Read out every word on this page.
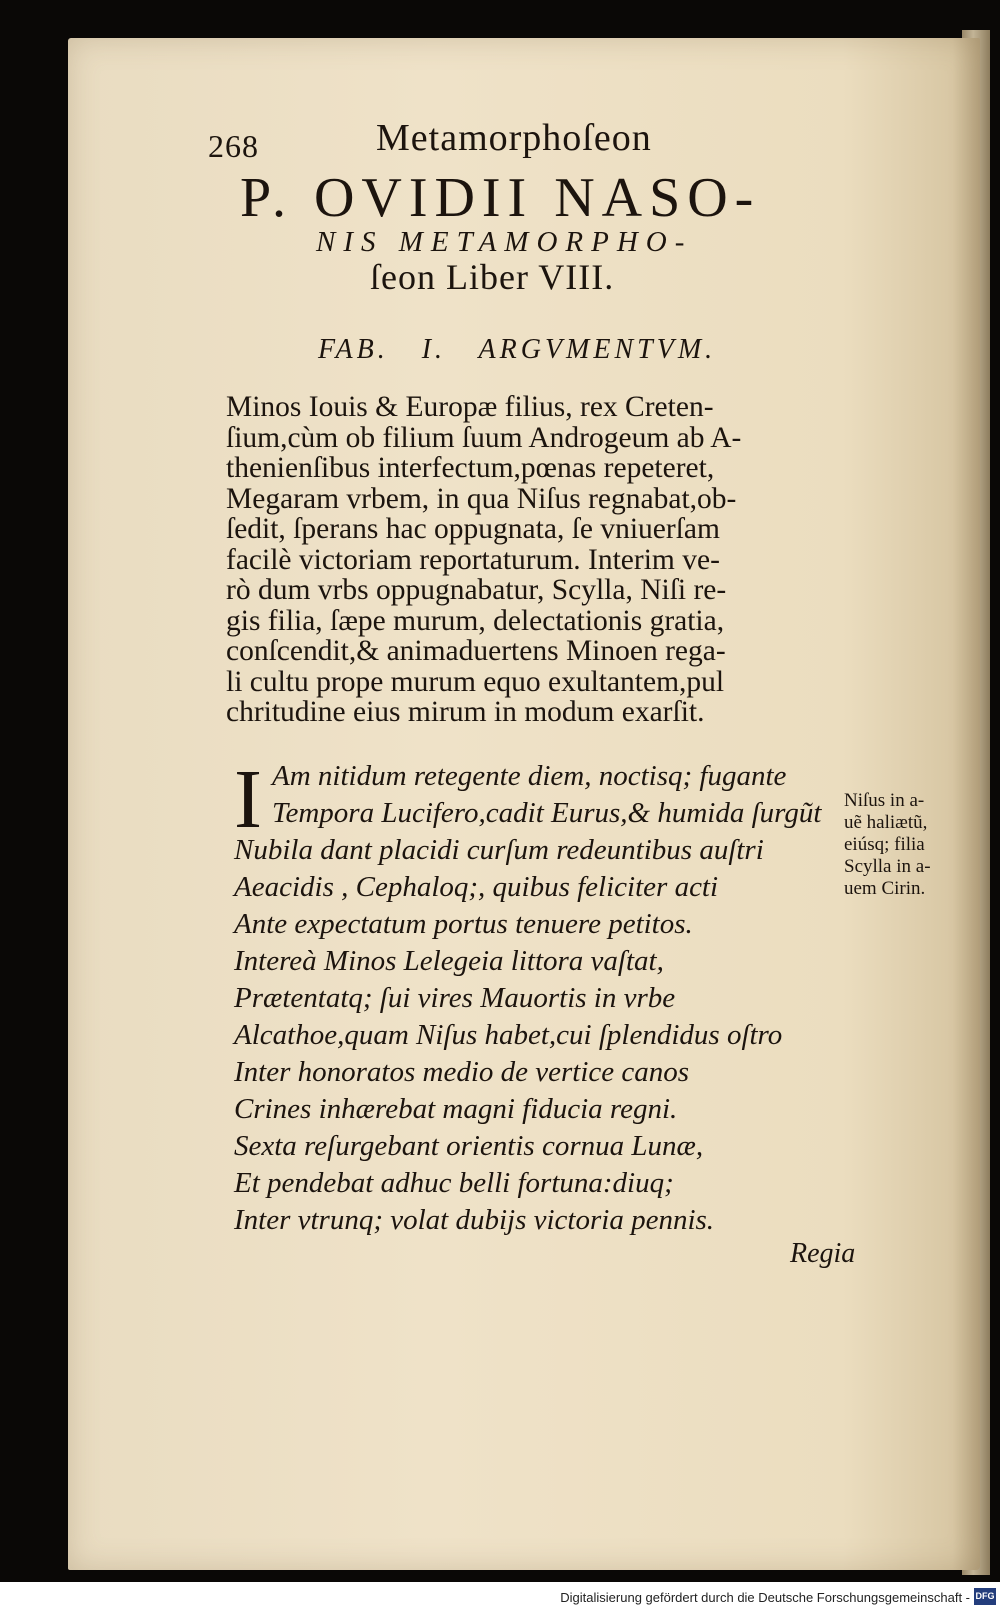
268	Metamorphoſeon
P. OVIDII NASO-
NIS METAMORPHO-
ſeon Liber VIII.
FAB. I. ARGVMENTVM.
Minos Iouis & Europæ filius, rex Creten-
ſium,cùm ob filium ſuum Androgeum ab A-
thenienſibus interfectum,pœnas repeteret,
Megaram vrbem, in qua Niſus regnabat,ob-
ſedit, ſperans hac oppugnata, ſe vniuerſam
facilè victoriam reportaturum. Interim ve-
rò dum vrbs oppugnabatur, Scylla, Niſi re-
gis filia, ſæpe murum, delectationis gratia,
conſcendit,& animaduertens Minoen rega-
li cultu prope murum equo exultantem,pul
chritudine eius mirum in modum exarſit.
I Am nitidum retegente diem, noctisq; fugante
Tempora Lucifero,cadit Eurus,& humida ſurgũt
Nubila dant placidi curſum redeuntibus auſtri
Aeacidis , Cephaloq;, quibus feliciter acti
Ante expectatum portus tenuere petitos.
Intereà Minos Lelegeia littora vaſtat,
Prætentatq; ſui vires Mauortis in vrbe
Alcathoe,quam Niſus habet,cui ſplendidus oſtro
Inter honoratos medio de vertice canos
Crines inhærebat magni fiducia regni.
Sexta reſurgebant orientis cornua Lunæ,
Et pendebat adhuc belli fortuna:diuq;
Inter vtrunq; volat dubijs victoria pennis.
Niſus in a-
uẽ haliætũ,
eiúsq; filia
Scylla in a-
uem Cirin.
Regia
Digitalisierung gefördert durch die Deutsche Forschungsgemeinschaft - DFG
